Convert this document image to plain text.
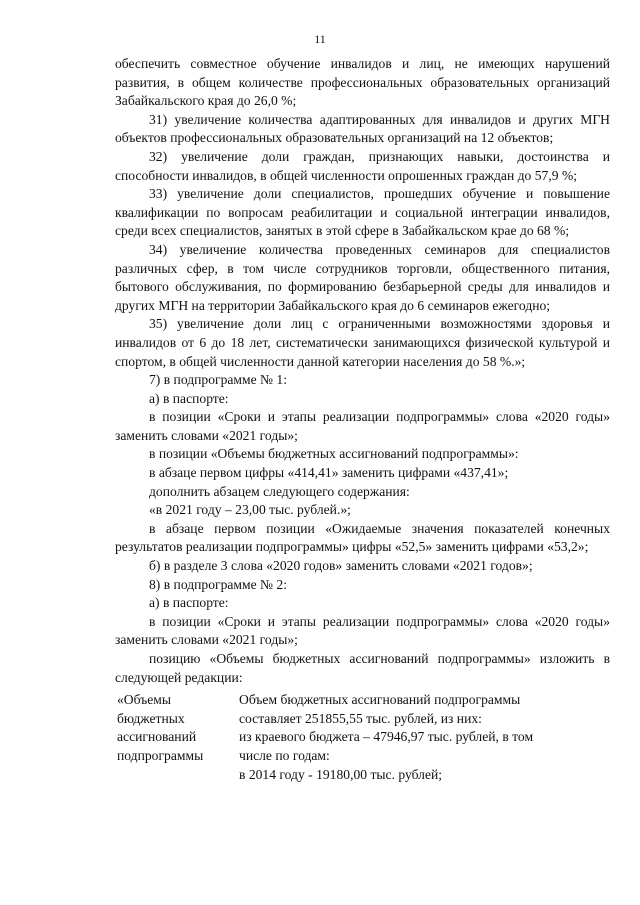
11

обеспечить совместное обучение инвалидов и лиц, не имеющих нарушений развития, в общем количестве профессиональных образовательных организаций Забайкальского края до 26,0 %;

31) увеличение количества адаптированных для инвалидов и других МГН объектов профессиональных образовательных организаций на 12 объектов;

32) увеличение доли граждан, признающих навыки, достоинства и способности инвалидов, в общей численности опрошенных граждан до 57,9 %;

33) увеличение доли специалистов, прошедших обучение и повышение квалификации по вопросам реабилитации и социальной интеграции инвалидов, среди всех специалистов, занятых в этой сфере в Забайкальском крае до 68 %;

34) увеличение количества проведенных семинаров для специалистов различных сфер, в том числе сотрудников торговли, общественного питания, бытового обслуживания, по формированию безбарьерной среды для инвалидов и других МГН на территории Забайкальского края до 6 семинаров ежегодно;

35) увеличение доли лиц с ограниченными возможностями здоровья и инвалидов от 6 до 18 лет, систематически занимающихся физической культурой и спортом, в общей численности данной категории населения до 58 %.»;

7) в подпрограмме № 1:

а) в паспорте:

в позиции «Сроки и этапы реализации подпрограммы» слова «2020 годы» заменить словами «2021 годы»;

в позиции «Объемы бюджетных ассигнований подпрограммы»:

в абзаце первом цифры «414,41» заменить цифрами «437,41»;

дополнить абзацем следующего содержания:

«в 2021 году – 23,00 тыс. рублей.»;

в абзаце первом позиции «Ожидаемые значения показателей конечных результатов реализации подпрограммы» цифры «52,5» заменить цифрами «53,2»;

б) в разделе 3 слова «2020 годов» заменить словами «2021 годов»;

8) в подпрограмме № 2:

а) в паспорте:

в позиции «Сроки и этапы реализации подпрограммы» слова «2020 годы» заменить словами «2021 годы»;

позицию «Объемы бюджетных ассигнований подпрограммы» изложить в следующей редакции:

«Объемы
бюджетных
ассигнований
подпрограммы
Объем бюджетных ассигнований подпрограммы
составляет 251855,55 тыс. рублей, из них:
из краевого бюджета – 47946,97 тыс. рублей, в том
числе по годам:
в 2014 году - 19180,00 тыс. рублей;
